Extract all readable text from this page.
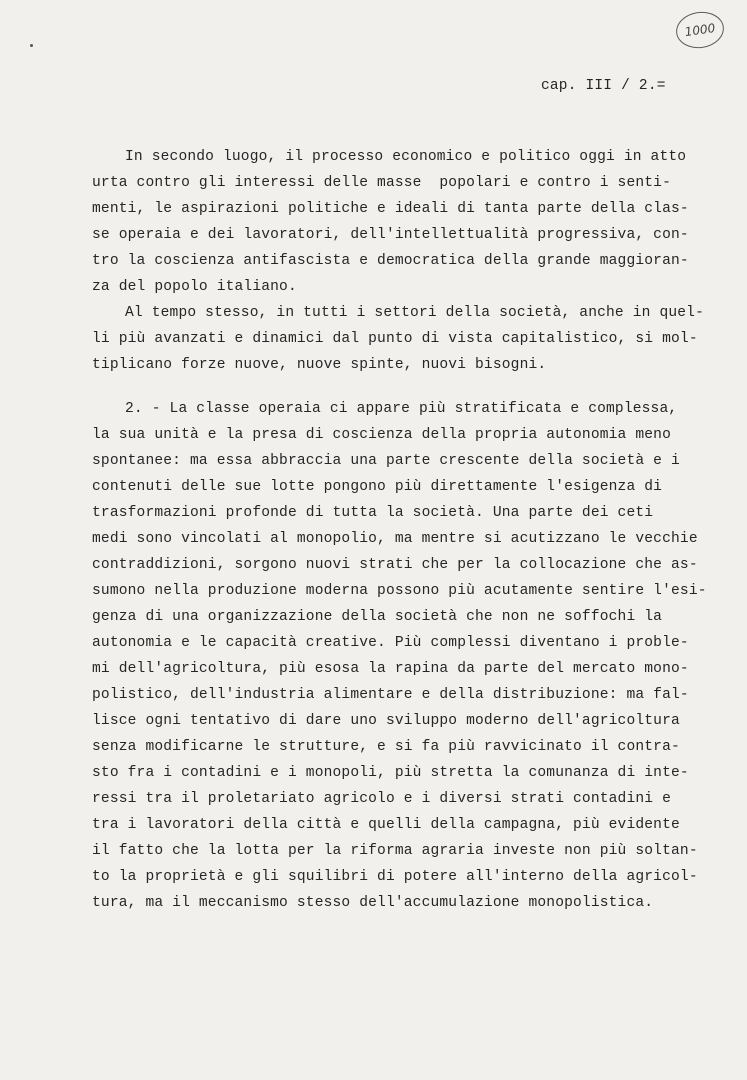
1000
cap. III / 2.=
In secondo luogo, il processo economico e politico oggi in atto
urta contro gli interessi delle masse  popolari e contro i senti-
menti, le aspirazioni politiche e ideali di tanta parte della clas-
se operaia e dei lavoratori, dell'intellettualità progressiva, con-
tro la coscienza antifascista e democratica della grande maggioran-
za del popolo italiano.
Al tempo stesso, in tutti i settori della società, anche in quel-
li più avanzati e dinamici dal punto di vista capitalistico, si mol-
tiplicano forze nuove, nuove spinte, nuovi bisogni.
2. - La classe operaia ci appare più stratificata e complessa,
la sua unità e la presa di coscienza della propria autonomia meno
spontanee: ma essa abbraccia una parte crescente della società e i
contenuti delle sue lotte pongono più direttamente l'esigenza di
trasformazioni profonde di tutta la società. Una parte dei ceti
medi sono vincolati al monopolio, ma mentre si acutizzano le vecchie
contraddizioni, sorgono nuovi strati che per la collocazione che as-
sumono nella produzione moderna possono più acutamente sentire l'esi-
genza di una organizzazione della società che non ne soffochi la
autonomia e le capacità creative. Più complessi diventano i proble-
mi dell'agricoltura, più esosa la rapina da parte del mercato mono-
polistico, dell'industria alimentare e della distribuzione: ma fal-
lisce ogni tentativo di dare uno sviluppo moderno dell'agricoltura
senza modificarne le strutture, e si fa più ravvicinato il contra-
sto fra i contadini e i monopoli, più stretta la comunanza di inte-
ressi tra il proletariato agricolo e i diversi strati contadini e
tra i lavoratori della città e quelli della campagna, più evidente
il fatto che la lotta per la riforma agraria investe non più soltan-
to la proprietà e gli squilibri di potere all'interno della agricol-
tura, ma il meccanismo stesso dell'accumulazione monopolistica.
